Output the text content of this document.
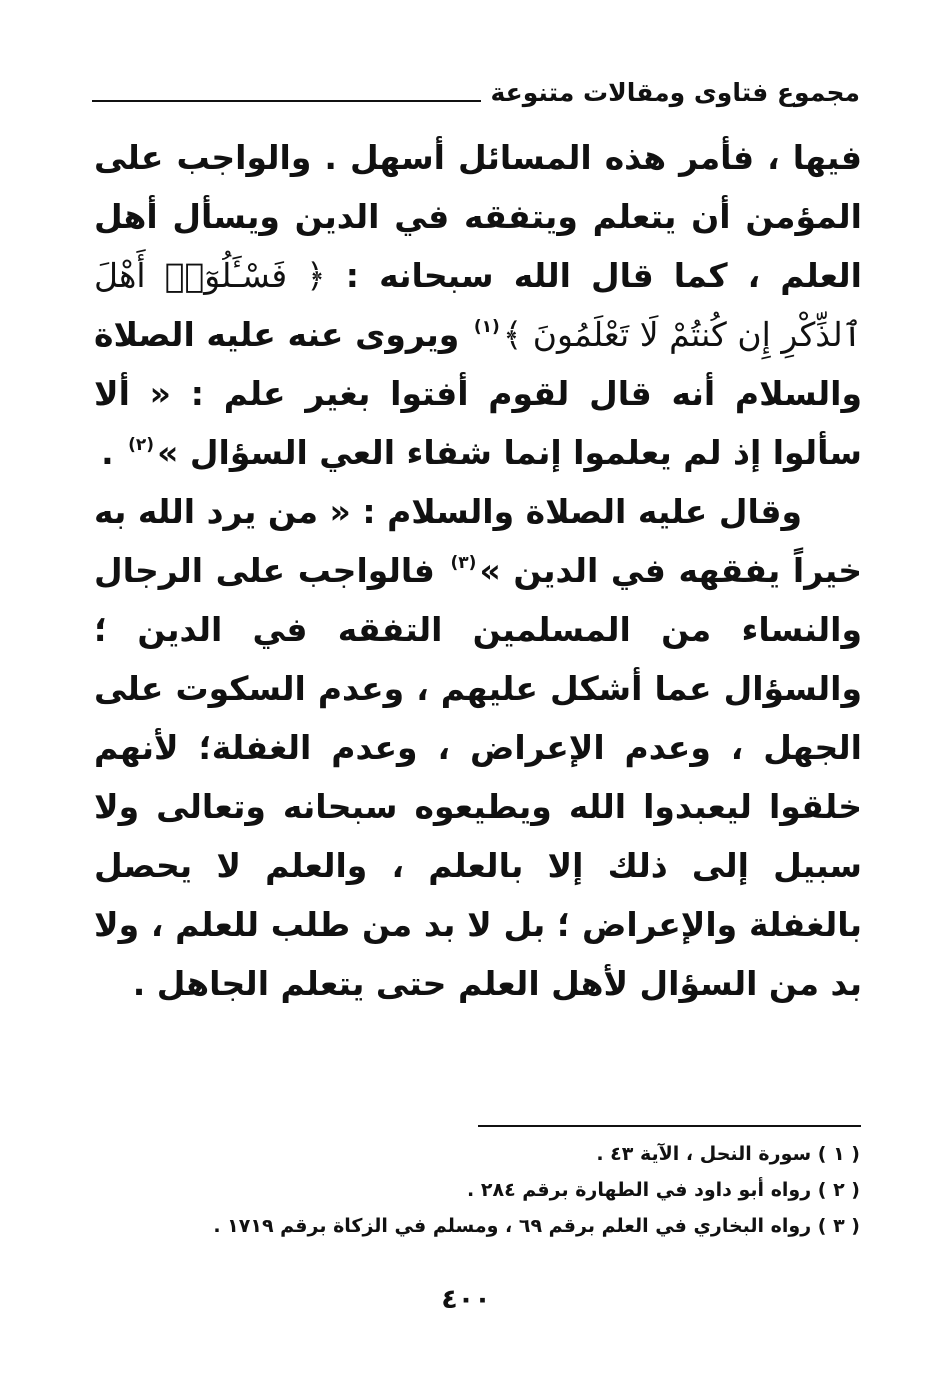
مجموع فتاوى ومقالات متنوعة

فيها ، فأمر هذه المسائل أسهل . والواجب على المؤمن أن يتعلم ويتفقه في الدين ويسأل أهل العلم ، كما قال الله سبحانه : ﴿ فَسْـَٔلُوٓا۟ أَهْلَ ٱلذِّكْرِ إِن كُنتُمْ لَا تَعْلَمُونَ ﴾$^{(١)}$ ويروى عنه عليه الصلاة والسلام أنه قال لقوم أفتوا بغير علم : « ألا سألوا إذ لم يعلموا إنما شفاء العي السؤال »$^{(٢)}$ .

وقال عليه الصلاة والسلام : « من يرد الله به خيراً يفقهه في الدين »$^{(٣)}$ فالواجب على الرجال والنساء من المسلمين التفقه في الدين ؛ والسؤال عما أشكل عليهم ، وعدم السكوت على الجهل ، وعدم الإعراض ، وعدم الغفلة؛ لأنهم خلقوا ليعبدوا الله ويطيعوه سبحانه وتعالى ولا سبيل إلى ذلك إلا بالعلم ، والعلم لا يحصل بالغفلة والإعراض ؛ بل لا بد من طلب للعلم ، ولا بد من السؤال لأهل العلم حتى يتعلم الجاهل .

( ١ ) سورة النحل ، الآية ٤٣ .

( ٢ ) رواه أبو داود في الطهارة برقم ٢٨٤ .

( ٣ ) رواه البخاري في العلم برقم ٦٩ ، ومسلم في الزكاة برقم ١٧١٩ .

٤٠٠
